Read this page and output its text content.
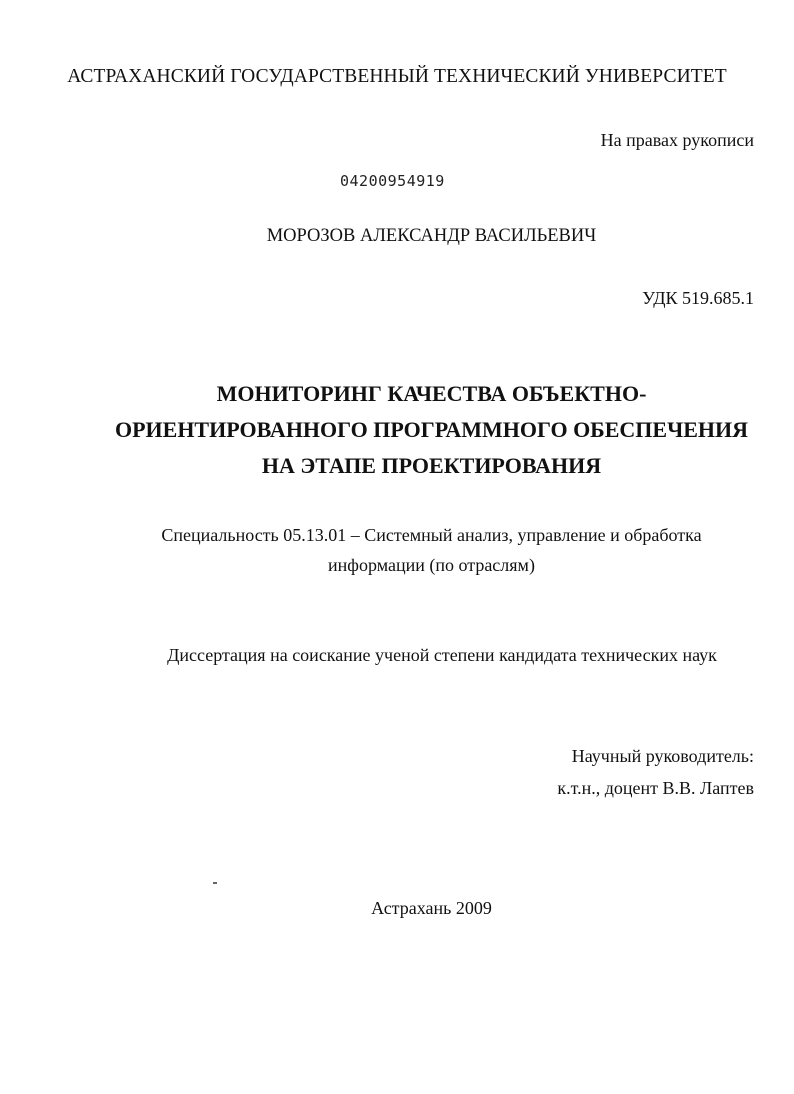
АСТРАХАНСКИЙ ГОСУДАРСТВЕННЫЙ ТЕХНИЧЕСКИЙ УНИВЕРСИТЕТ
На правах рукописи
04200954919
МОРОЗОВ АЛЕКСАНДР ВАСИЛЬЕВИЧ
УДК 519.685.1
МОНИТОРИНГ КАЧЕСТВА ОБЪЕКТНО-
ОРИЕНТИРОВАННОГО ПРОГРАММНОГО ОБЕСПЕЧЕНИЯ
НА ЭТАПЕ ПРОЕКТИРОВАНИЯ
Специальность 05.13.01 – Системный анализ, управление и обработка
информации (по отраслям)
Диссертация на соискание ученой степени кандидата технических наук
Научный руководитель:
к.т.н., доцент В.В. Лаптев
Астрахань 2009
